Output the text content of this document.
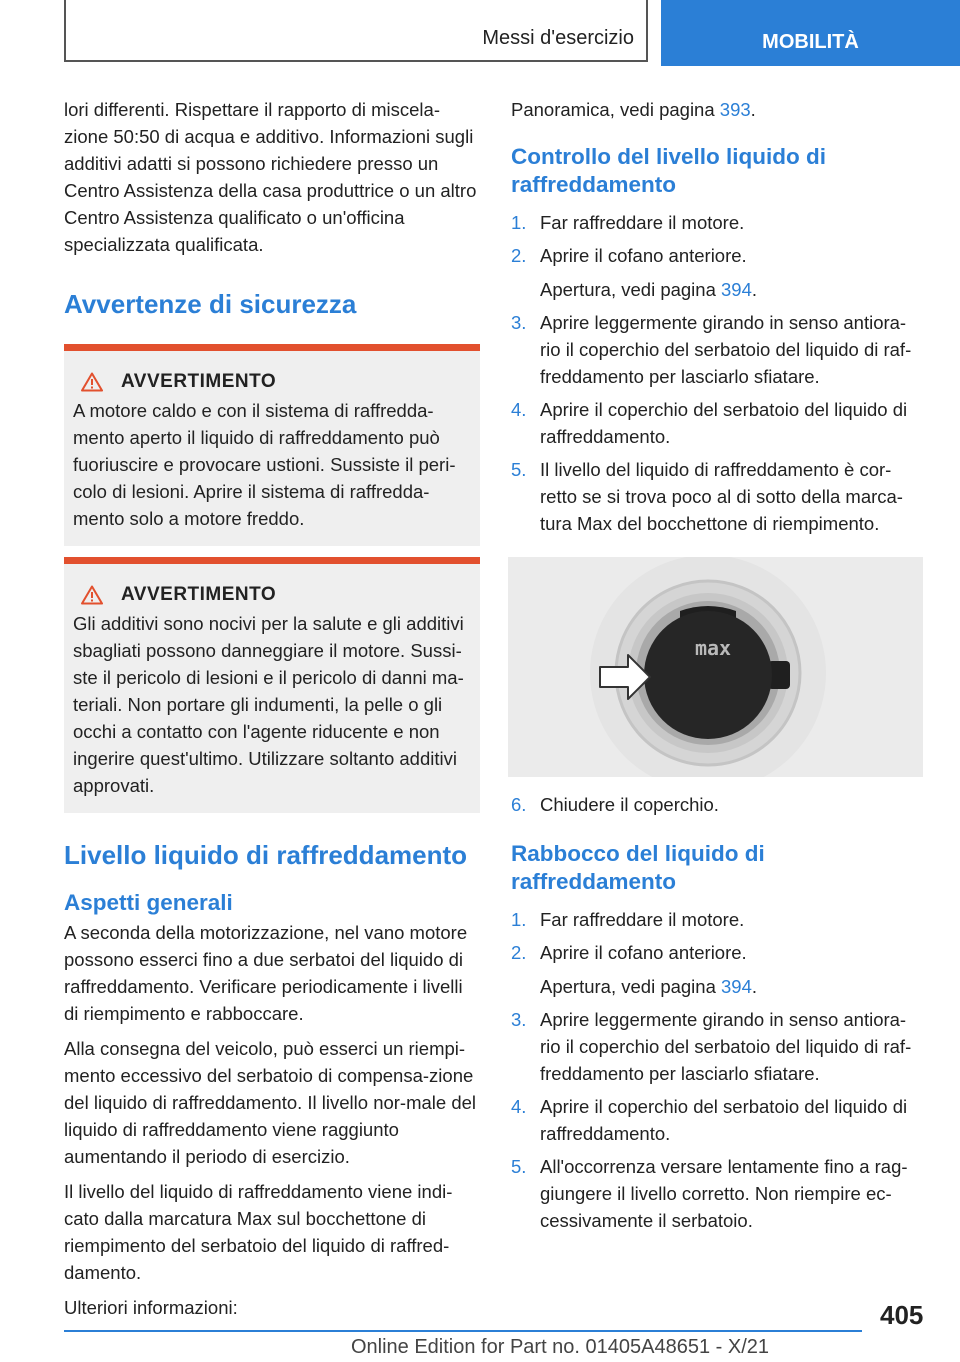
Messi d'esercizio	MOBILITÀ

lori differenti. Rispettare il rapporto di miscela-zione 50:50 di acqua e additivo. Informazioni sugli additivi adatti si possono richiedere presso un Centro Assistenza della casa produttrice o un altro Centro Assistenza qualificato o un'officina specializzata qualificata.

Avvertenze di sicurezza
AVVERTIMENTO

A motore caldo e con il sistema di raffredda-mento aperto il liquido di raffreddamento può fuoriuscire e provocare ustioni. Sussiste il peri-colo di lesioni. Aprire il sistema di raffredda-mento solo a motore freddo.

AVVERTIMENTO

Gli additivi sono nocivi per la salute e gli additivi sbagliati possono danneggiare il motore. Sussi-ste il pericolo di lesioni e il pericolo di danni ma-teriali. Non portare gli indumenti, la pelle o gli occhi a contatto con l'agente riducente e non ingerire quest'ultimo. Utilizzare soltanto additivi approvati.

Livello liquido di raffreddamento
Aspetti generali

A seconda della motorizzazione, nel vano motore possono esserci fino a due serbatoi del liquido di raffreddamento. Verificare periodicamente i livelli di riempimento e rabboccare.

Alla consegna del veicolo, può esserci un riempi-mento eccessivo del serbatoio di compensa-zione del liquido di raffreddamento. Il livello nor-male del liquido di raffreddamento viene raggiunto aumentando il periodo di esercizio.

Il livello del liquido di raffreddamento viene indi-cato dalla marcatura Max sul bocchettone di riempimento del serbatoio del liquido di raffred-damento.

Ulteriori informazioni:

Panoramica, vedi pagina 393.

Controllo del livello liquido di raffreddamento
1. Far raffreddare il motore.
2. Aprire il cofano anteriore.
Apertura, vedi pagina 394.
3. Aprire leggermente girando in senso antiora-rio il coperchio del serbatoio del liquido di raf-freddamento per lasciarlo sfiatare.
4. Aprire il coperchio del serbatoio del liquido di raffreddamento.
5. Il livello del liquido di raffreddamento è cor-retto se si trova poco al di sotto della marca-tura Max del bocchettone di riempimento.
max
6. Chiudere il coperchio.
Rabbocco del liquido di raffreddamento
1. Far raffreddare il motore.
2. Aprire il cofano anteriore.
Apertura, vedi pagina 394.
3. Aprire leggermente girando in senso antiora-rio il coperchio del serbatoio del liquido di raf-freddamento per lasciarlo sfiatare.
4. Aprire il coperchio del serbatoio del liquido di raffreddamento.
5. All'occorrenza versare lentamente fino a rag-giungere il livello corretto. Non riempire ec-cessivamente il serbatoio.
405
Online Edition for Part no. 01405A48651 - X/21
